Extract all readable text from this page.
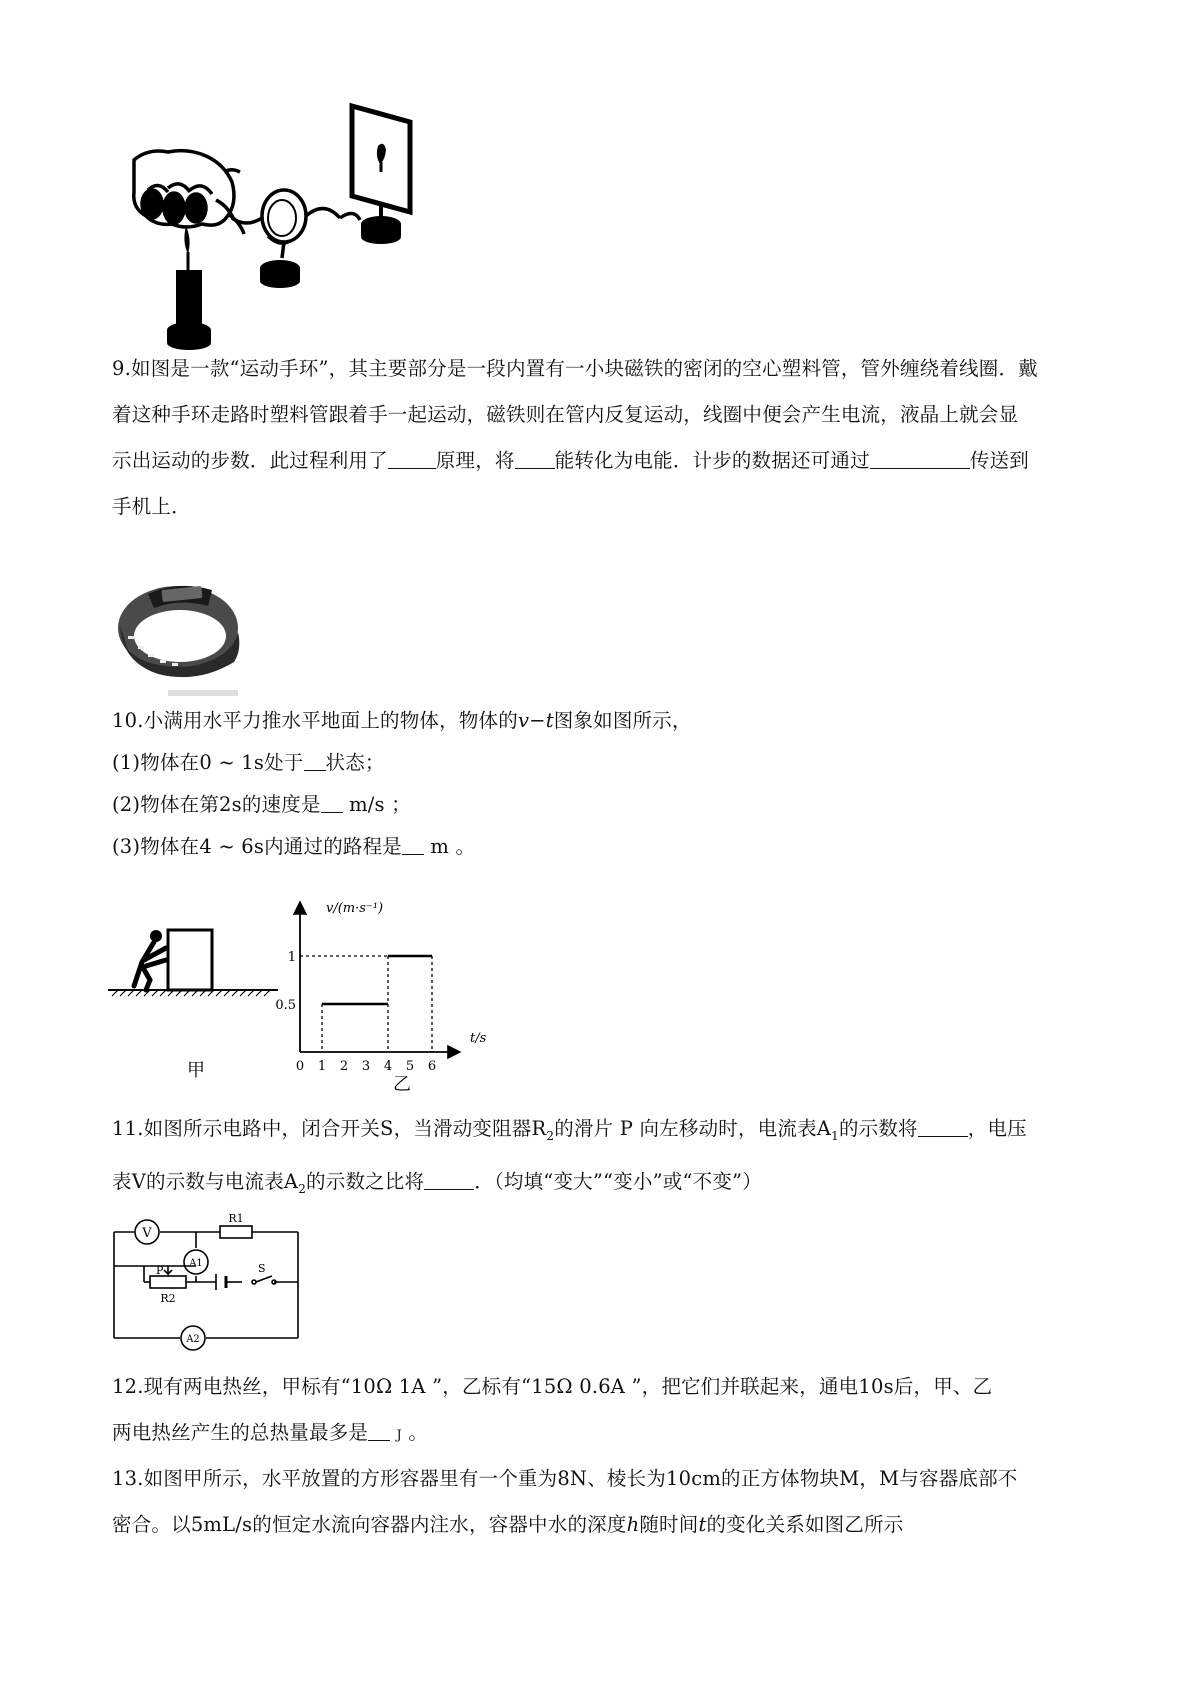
9.如图是一款“运动手环”，其主要部分是一段内置有一小块磁铁的密闭的空心塑料管，管外缠绕着线圈．戴
着这种手环走路时塑料管跟着手一起运动，磁铁则在管内反复运动，线圈中便会产生电流，液晶上就会显
示出运动的步数．此过程利用了 原理，将 能转化为电能．计步的数据还可通过	传送到
手机上．
10.小满用水平力推水平地面上的物体，物体的v−t图象如图所示，
(1)物体在0 ~ 1s处于 状态；
(2)物体在第2s的速度是 m/s ；
(3)物体在4 ~ 6s内通过的路程是 m 。
甲	0 1 2 3 4 5 6
1
0.5
v/(m·s⁻¹)
t/s
乙
11.如图所示电路中，闭合开关S，当滑动变阻器$R_2$的滑片 P 向左移动时，电流表$A_1$的示数将	，电压
表V的示数与电流表$A_2$的示数之比将	．（均填“变大”“变小”或“不变”）
V
R1
A1
P	S
R2
A2
12.现有两电热丝，甲标有“10Ω 1A ”，乙标有“15Ω 0.6A ”，把它们并联起来，通电10s后，甲、乙
两电热丝产生的总热量最多是 J 。
13.如图甲所示，水平放置的方形容器里有一个重为8N、棱长为10cm的正方体物块M，M与容器底部不
密合。以5mL/s的恒定水流向容器内注水，容器中水的深度h随时间t的变化关系如图乙所示
